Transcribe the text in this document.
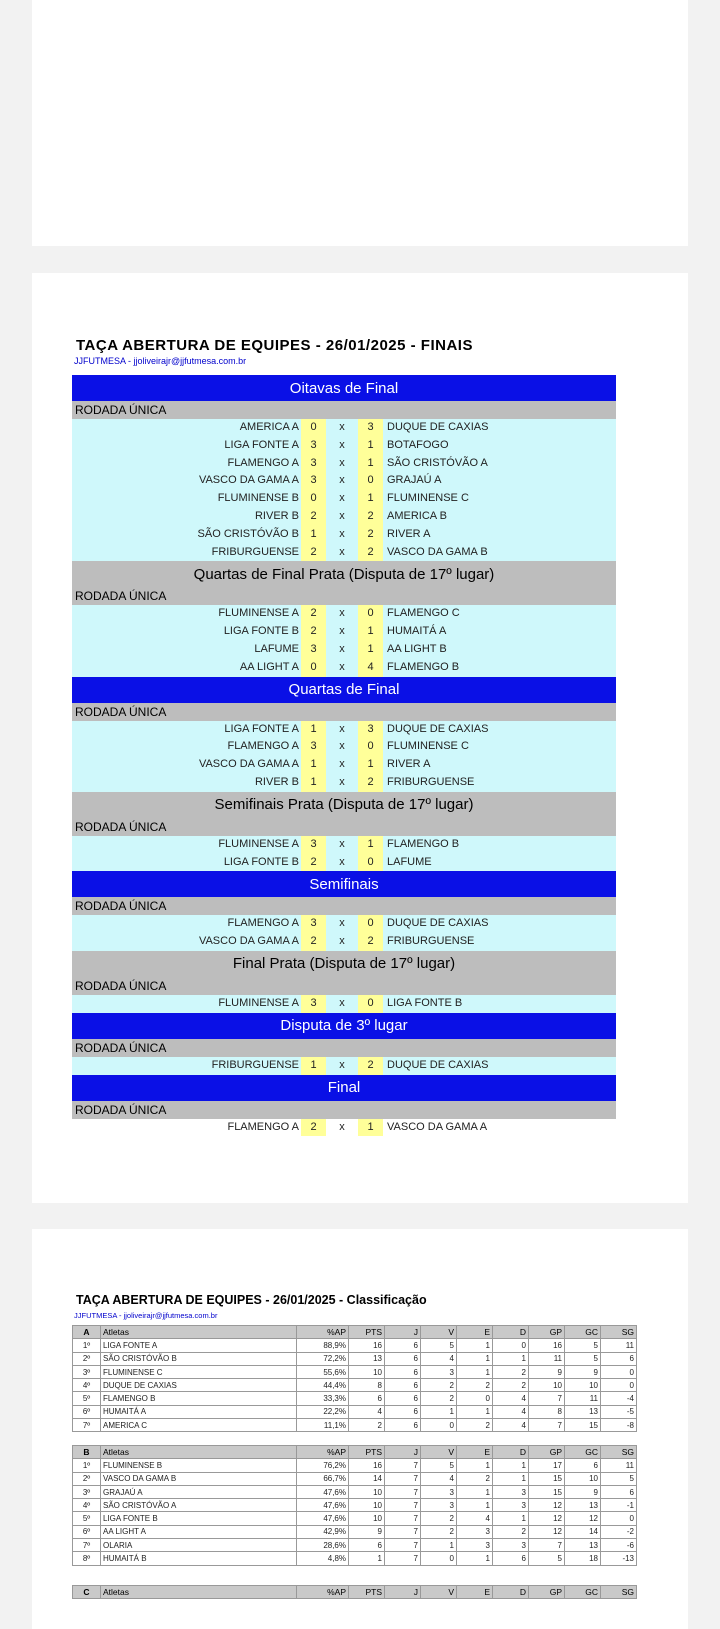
TAÇA ABERTURA DE EQUIPES - 26/01/2025 - FINAIS
JJFUTMESA - jjoliveirajr@jjfutmesa.com.br
Oitavas de Final
RODADA ÚNICA
AMERICA A	0	x	3	DUQUE DE CAXIAS
LIGA FONTE A	3	x	1	BOTAFOGO
FLAMENGO A	3	x	1	SÃO CRISTÓVÃO A
VASCO DA GAMA A	3	x	0	GRAJAÚ A
FLUMINENSE B	0	x	1	FLUMINENSE C
RIVER B	2	x	2	AMERICA B
SÃO CRISTÓVÃO B	1	x	2	RIVER A
FRIBURGUENSE	2	x	2	VASCO DA GAMA B
Quartas de Final Prata (Disputa de 17º lugar)
RODADA ÚNICA
FLUMINENSE A	2	x	0	FLAMENGO C
LIGA FONTE B	2	x	1	HUMAITÁ A
LAFUME	3	x	1	AA LIGHT B
AA LIGHT A	0	x	4	FLAMENGO B
Quartas de Final
RODADA ÚNICA
LIGA FONTE A	1	x	3	DUQUE DE CAXIAS
FLAMENGO A	3	x	0	FLUMINENSE C
VASCO DA GAMA A	1	x	1	RIVER A
RIVER B	1	x	2	FRIBURGUENSE
Semifinais Prata (Disputa de 17º lugar)
RODADA ÚNICA
FLUMINENSE A	3	x	1	FLAMENGO B
LIGA FONTE B	2	x	0	LAFUME
Semifinais
RODADA ÚNICA
FLAMENGO A	3	x	0	DUQUE DE CAXIAS
VASCO DA GAMA A	2	x	2	FRIBURGUENSE
Final Prata (Disputa de 17º lugar)
RODADA ÚNICA
FLUMINENSE A	3	x	0	LIGA FONTE B
Disputa de 3º lugar
RODADA ÚNICA
FRIBURGUENSE	1	x	2	DUQUE DE CAXIAS
Final
RODADA ÚNICA
FLAMENGO A	2	x	1	VASCO DA GAMA A
TAÇA ABERTURA DE EQUIPES - 26/01/2025 - Classificação
JJFUTMESA - jjoliveirajr@jjfutmesa.com.br
A	Atletas	%AP	PTS	J	V	E	D	GP	GC	SG
1º	LIGA FONTE A	88,9%	16	6	5	1	0	16	5	11
2º	SÃO CRISTÓVÃO B	72,2%	13	6	4	1	1	11	5	6
3º	FLUMINENSE C	55,6%	10	6	3	1	2	9	9	0
4º	DUQUE DE CAXIAS	44,4%	8	6	2	2	2	10	10	0
5º	FLAMENGO B	33,3%	6	6	2	0	4	7	11	-4
6º	HUMAITÁ A	22,2%	4	6	1	1	4	8	13	-5
7º	AMERICA C	11,1%	2	6	0	2	4	7	15	-8
B	Atletas	%AP	PTS	J	V	E	D	GP	GC	SG
1º	FLUMINENSE B	76,2%	16	7	5	1	1	17	6	11
2º	VASCO DA GAMA B	66,7%	14	7	4	2	1	15	10	5
3º	GRAJAÚ A	47,6%	10	7	3	1	3	15	9	6
4º	SÃO CRISTÓVÃO A	47,6%	10	7	3	1	3	12	13	-1
5º	LIGA FONTE B	47,6%	10	7	2	4	1	12	12	0
6º	AA LIGHT A	42,9%	9	7	2	3	2	12	14	-2
7º	OLARIA	28,6%	6	7	1	3	3	7	13	-6
8º	HUMAITÁ B	4,8%	1	7	0	1	6	5	18	-13
C	Atletas	%AP	PTS	J	V	E	D	GP	GC	SG
